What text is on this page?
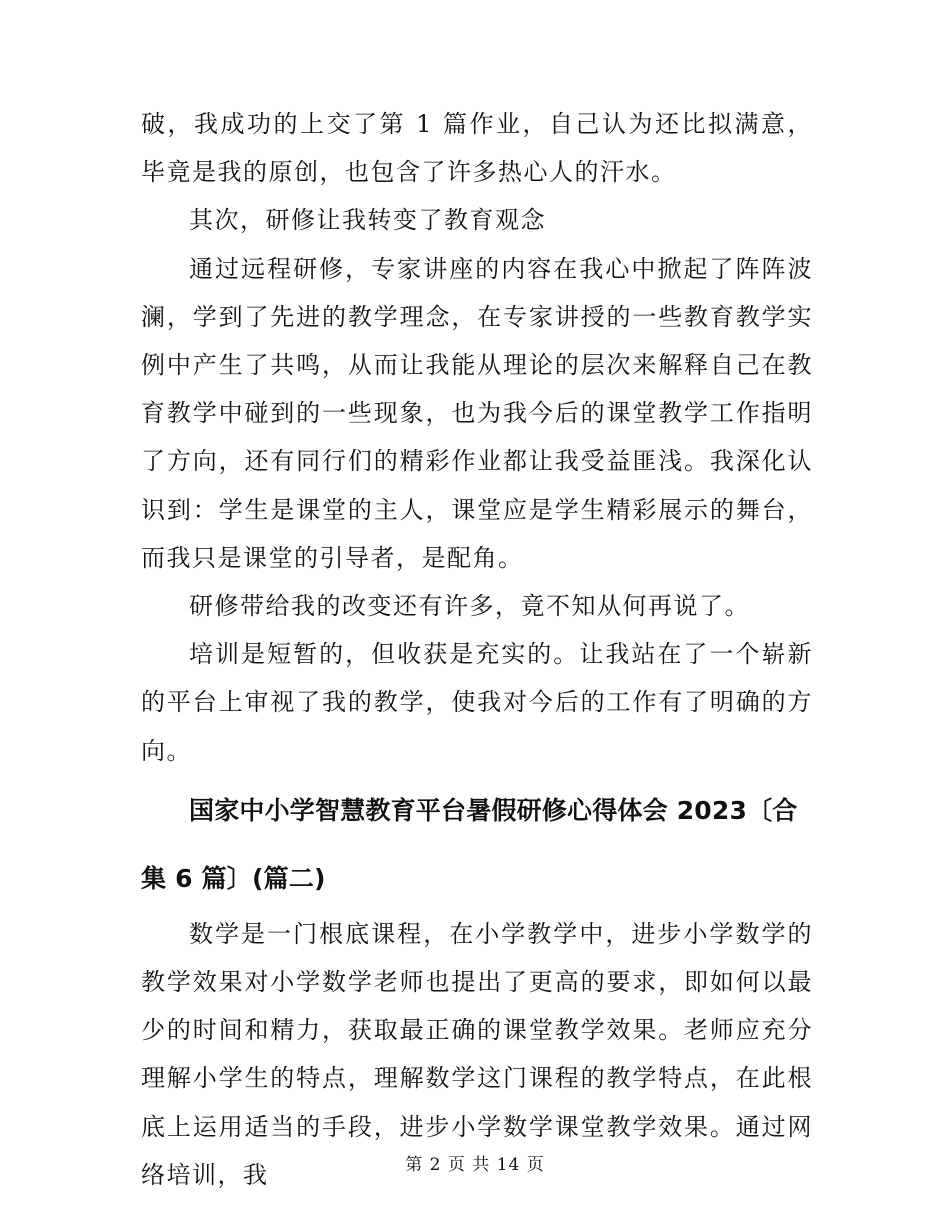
破，我成功的上交了第 1 篇作业，自己认为还比拟满意，毕竟是我的原创，也包含了许多热心人的汗水。

其次，研修让我转变了教育观念

通过远程研修，专家讲座的内容在我心中掀起了阵阵波澜，学到了先进的教学理念，在专家讲授的一些教育教学实例中产生了共鸣，从而让我能从理论的层次来解释自己在教育教学中碰到的一些现象，也为我今后的课堂教学工作指明了方向，还有同行们的精彩作业都让我受益匪浅。我深化认识到：学生是课堂的主人，课堂应是学生精彩展示的舞台，而我只是课堂的引导者，是配角。

研修带给我的改变还有许多，竟不知从何再说了。

培训是短暂的，但收获是充实的。让我站在了一个崭新的平台上审视了我的教学，使我对今后的工作有了明确的方向。

国家中小学智慧教育平台暑假研修心得体会 2023〔合集 6 篇〕(篇二)

数学是一门根底课程，在小学教学中，进步小学数学的教学效果对小学数学老师也提出了更高的要求，即如何以最少的时间和精力，获取最正确的课堂教学效果。老师应充分理解小学生的特点，理解数学这门课程的教学特点，在此根底上运用适当的手段，进步小学数学课堂教学效果。通过网络培训，我	第 2 页 共 14 页
